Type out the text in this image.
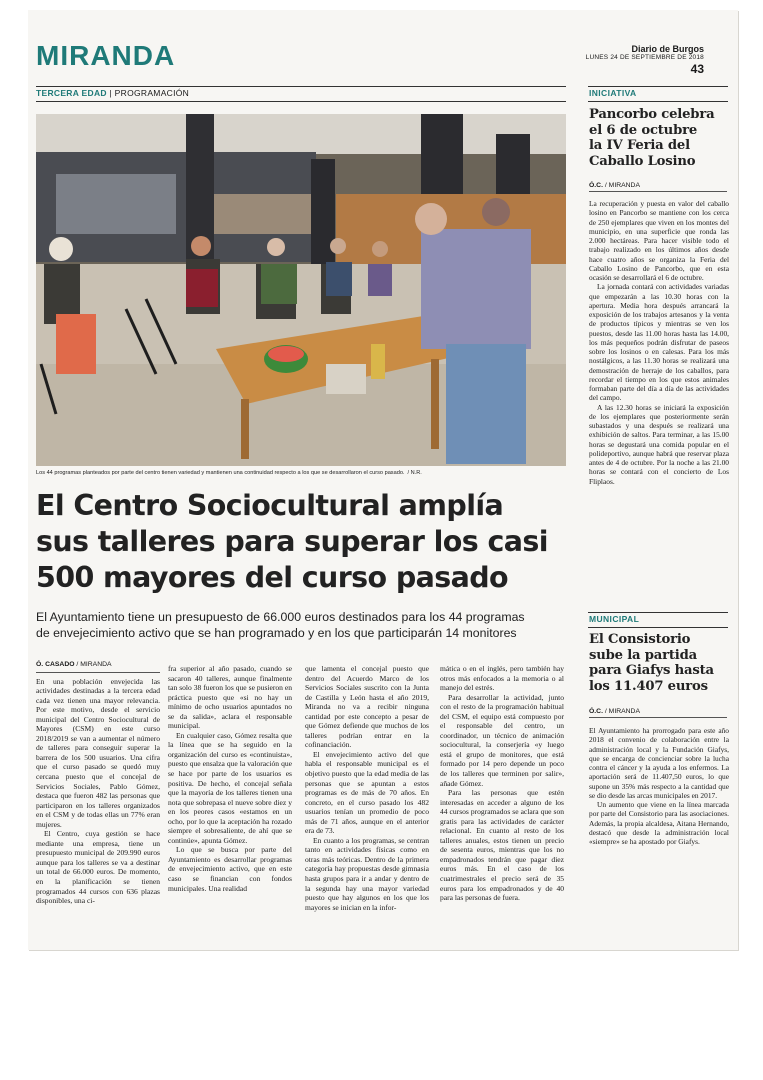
MIRANDA	Diario de Burgos
LUNES 24 DE SEPTIEMBRE DE 2018
43
TERCERA EDAD | PROGRAMACIÓN
Los 44 programas planteados por parte del centro tienen variedad y mantienen una continuidad respecto a los que se desarrollaron el curso pasado. / N.R.
El Centro Sociocultural amplía
sus talleres para superar los casi
500 mayores del curso pasado
El Ayuntamiento tiene un presupuesto de 66.000 euros destinados para los 44 programas
de envejecimiento activo que se han programado y en los que participarán 14 monitores
Ó. CASADO / MIRANDA

En una población envejecida las actividades destinadas a la tercera edad cada vez tienen una mayor relevancia. Por este motivo, desde el servicio municipal del Centro Sociocultural de Mayores (CSM) en este curso 2018/2019 se van a aumentar el número de talleres para conseguir superar la barrera de los 500 usuarios. Una cifra que el curso pasado se quedó muy cercana puesto que el concejal de Servicios Sociales, Pablo Gómez, destaca que fueron 482 las personas que participaron en los talleres organizados en el CSM y de todas ellas un 77% eran mujeres.

El Centro, cuya gestión se hace mediante una empresa, tiene un presupuesto municipal de 209.990 euros aunque para los talleres se va a destinar un total de 66.000 euros. De momento, en la planificación se tienen programados 44 cursos con 636 plazas disponibles, una ci-

fra superior al año pasado, cuando se sacaron 40 talleres, aunque finalmente tan solo 38 fueron los que se pusieron en práctica puesto que «si no hay un mínimo de ocho usuarios apuntados no se da salida», aclara el responsable municipal.

En cualquier caso, Gómez resalta que la línea que se ha seguido en la organización del curso es «continuista», puesto que ensalza que la valoración que se hace por parte de los usuarios es positiva. De hecho, el concejal señala que la mayoría de los talleres tienen una nota que sobrepasa el nueve sobre diez y en los peores casos «estamos en un ocho, por lo que la aceptación ha rozado siempre el sobresaliente, de ahí que se continúe», apunta Gómez.

Lo que se busca por parte del Ayuntamiento es desarrollar programas de envejecimiento activo, que en este caso se financian con fondos municipales. Una realidad

que lamenta el concejal puesto que dentro del Acuerdo Marco de los Servicios Sociales suscrito con la Junta de Castilla y León hasta el año 2019, Miranda no va a recibir ninguna cantidad por este concepto a pesar de que Gómez defiende que muchos de los talleres podrían entrar en la cofinanciación.

El envejecimiento activo del que habla el responsable municipal es el objetivo puesto que la edad media de las personas que se apuntan a estos programas es de más de 70 años. En concreto, en el curso pasado los 482 usuarios tenían un promedio de poco más de 71 años, aunque en el anterior era de 73.

En cuanto a los programas, se centran tanto en actividades físicas como en otras más teóricas. Dentro de la primera categoría hay propuestas desde gimnasia hasta grupos para ir a andar y dentro de la segunda hay una mayor variedad puesto que hay algunos en los que los mayores se inician en la infor-

mática o en el inglés, pero también hay otros más enfocados a la memoria o al manejo del estrés.

Para desarrollar la actividad, junto con el resto de la programación habitual del CSM, el equipo está compuesto por el responsable del centro, un coordinador, un técnico de animación sociocultural, la conserjería «y luego está el grupo de monitores, que está formado por 14 pero depende un poco de los talleres que terminen por salir», añade Gómez.

Para las personas que estén interesadas en acceder a alguno de los 44 cursos programados se aclara que son gratis para las actividades de carácter relacional. En cuanto al resto de los talleres anuales, estos tienen un precio de sesenta euros, mientras que los no empadronados tendrán que pagar diez euros más. En el caso de los cuatrimestrales el precio será de 35 euros para los empadronados y de 40 para las personas de fuera.

INICIATIVA
Pancorbo celebra
el 6 de octubre
la IV Feria del
Caballo Losino
Ó.C. / MIRANDA

La recuperación y puesta en valor del caballo losino en Pancorbo se mantiene con los cerca de 250 ejemplares que viven en los montes del municipio, en una superficie que ronda las 2.000 hectáreas. Para hacer visible todo el trabajo realizado en los últimos años desde hace cuatro años se organiza la Feria del Caballo Losino de Pancorbo, que en esta ocasión se desarrollará el 6 de octubre.

La jornada contará con actividades variadas que empezarán a las 10.30 horas con la apertura. Media hora después arrancará la exposición de los trabajos artesanos y la venta de productos típicos y mientras se ven los puestos, desde las 11.00 horas hasta las 14.00, los más pequeños podrán disfrutar de paseos sobre los losinos o en calesas. Para los más nostálgicos, a las 11.30 horas se realizará una demostración de herraje de los caballos, para recordar el tiempo en los que estos animales formaban parte del día a día de las actividades del campo.

A las 12.30 horas se iniciará la exposición de los ejemplares que posteriormente serán subastados y una después se realizará una exhibición de saltos. Para terminar, a las 15.00 horas se degustará una comida popular en el polideportivo, aunque habrá que reservar plaza antes de 4 de octubre. Por la noche a las 21.00 horas se contará con el concierto de Los Fliplaos.

MUNICIPAL
El Consistorio
sube la partida
para Giafys hasta
los 11.407 euros
Ó.C. / MIRANDA

El Ayuntamiento ha prorrogado para este año 2018 el convenio de colaboración entre la administración local y la Fundación Giafys, que se encarga de concienciar sobre la lucha contra el cáncer y la ayuda a los enfermos. La aportación será de 11.407,50 euros, lo que supone un 35% más respecto a la cantidad que se dio desde las arcas municipales en 2017.

Un aumento que viene en la línea marcada por parte del Consistorio para las asociaciones. Además, la propia alcaldesa, Aitana Hernando, destacó que desde la administración local «siempre» se ha apostado por Giafys.
